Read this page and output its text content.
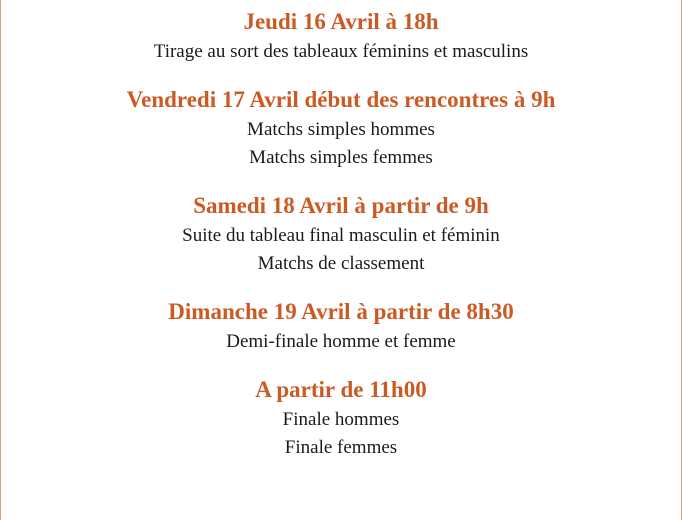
Jeudi 16 Avril à 18h
Tirage au sort des tableaux féminins et masculins
Vendredi 17 Avril début des rencontres à 9h
Matchs simples hommes
Matchs simples femmes
Samedi 18 Avril à partir de 9h
Suite du tableau final masculin et féminin
Matchs de classement
Dimanche 19 Avril à partir de 8h30
Demi-finale homme et femme
A partir de 11h00
Finale hommes
Finale femmes
